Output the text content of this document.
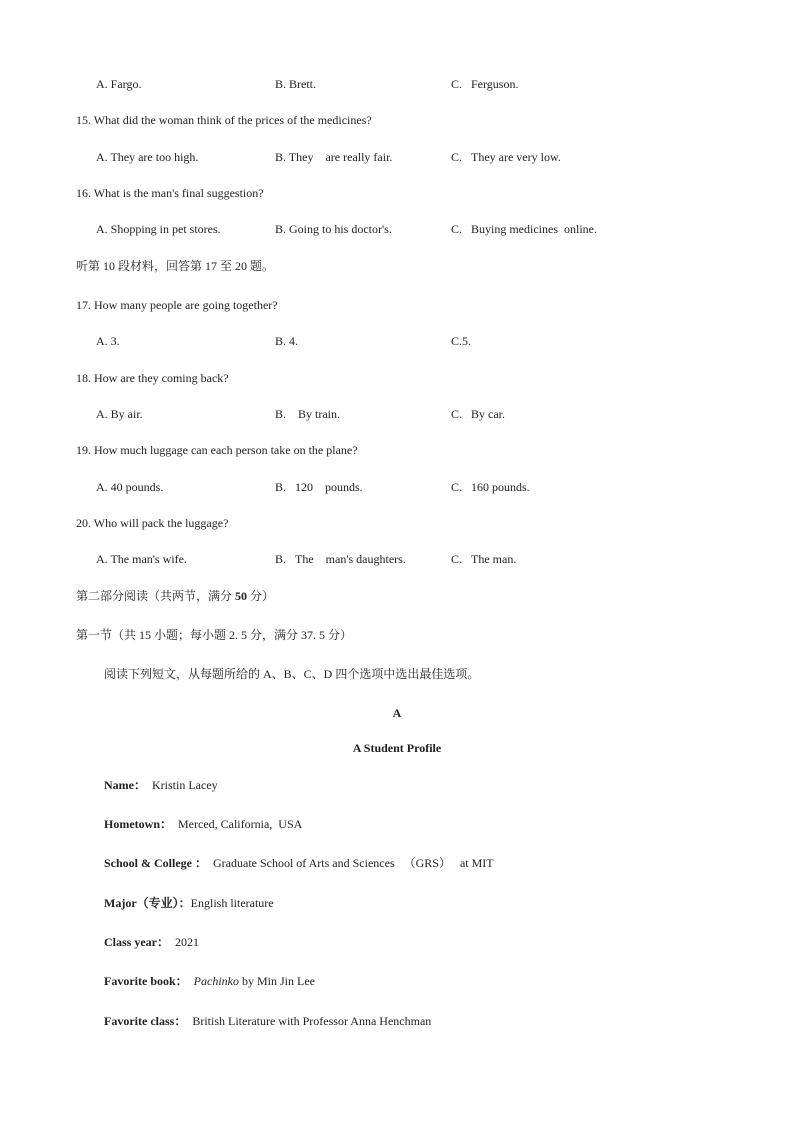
A. Fargo.	B. Brett.	C.   Ferguson.
15. What did the woman think of the prices of the medicines?
A. They are too high.	B. They    are really fair.	C.   They are very low.
16. What is the man's final suggestion?
A. Shopping in pet stores.	B. Going to his doctor's.	C.   Buying medicines  online.
听第 10 段材料，回答第 17 至 20 题。
17. How many people are going together?
A. 3.	B. 4.	C.5.
18. How are they coming back?
A. By air.	B.    By train.	C.   By car.
19. How much luggage can each person take on the plane?
A. 40 pounds.	B.   120    pounds.	C.   160 pounds.
20. Who will pack the luggage?
A. The man's wife.	B.   The    man's daughters.	C.   The man.
第二部分阅读（共两节，满分 50 分）
第一节（共 15 小题；每小题 2. 5 分，满分 37. 5 分）
阅读下列短文，从每题所给的 A、B、C、D 四个选项中选出最佳选项。
A
A Student Profile
Name： Kristin Lacey
Hometown： Merced, California,  USA
School & College ： Graduate School of Arts and Sciences   （GRS）   at MIT
Major（专业）：English literature
Class year： 2021
Favorite book： Pachinko by Min Jin Lee
Favorite class： British Literature with Professor Anna Henchman
